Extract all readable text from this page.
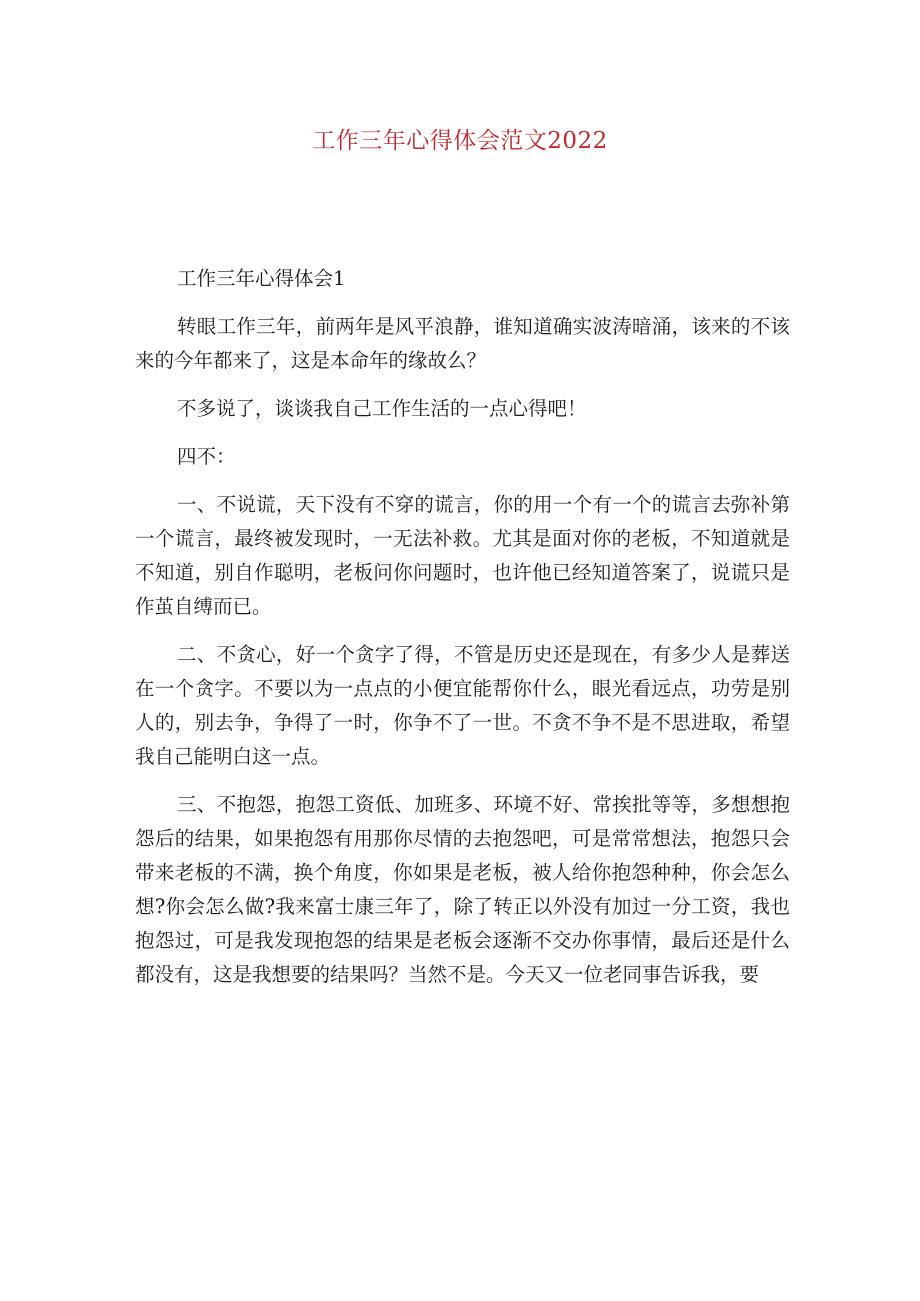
工作三年心得体会范文2022

工作三年心得体会1

转眼工作三年，前两年是风平浪静，谁知道确实波涛暗涌，该来的不该来的今年都来了，这是本命年的缘故么？

不多说了，谈谈我自己工作生活的一点心得吧！

四不：

一、不说谎，天下没有不穿的谎言，你的用一个有一个的谎言去弥补第一个谎言，最终被发现时，一无法补救。尤其是面对你的老板，不知道就是不知道，别自作聪明，老板问你问题时，也许他已经知道答案了，说谎只是作茧自缚而已。

二、不贪心，好一个贪字了得，不管是历史还是现在，有多少人是葬送在一个贪字。不要以为一点点的小便宜能帮你什么，眼光看远点，功劳是别人的，别去争，争得了一时，你争不了一世。不贪不争不是不思进取，希望我自己能明白这一点。

三、不抱怨，抱怨工资低、加班多、环境不好、常挨批等等，多想想抱怨后的结果，如果抱怨有用那你尽情的去抱怨吧，可是常常想法，抱怨只会带来老板的不满，换个角度，你如果是老板，被人给你抱怨种种，你会怎么想?你会怎么做?我来富士康三年了，除了转正以外没有加过一分工资，我也抱怨过，可是我发现抱怨的结果是老板会逐渐不交办你事情，最后还是什么都没有，这是我想要的结果吗？当然不是。今天又一位老同事告诉我，要
